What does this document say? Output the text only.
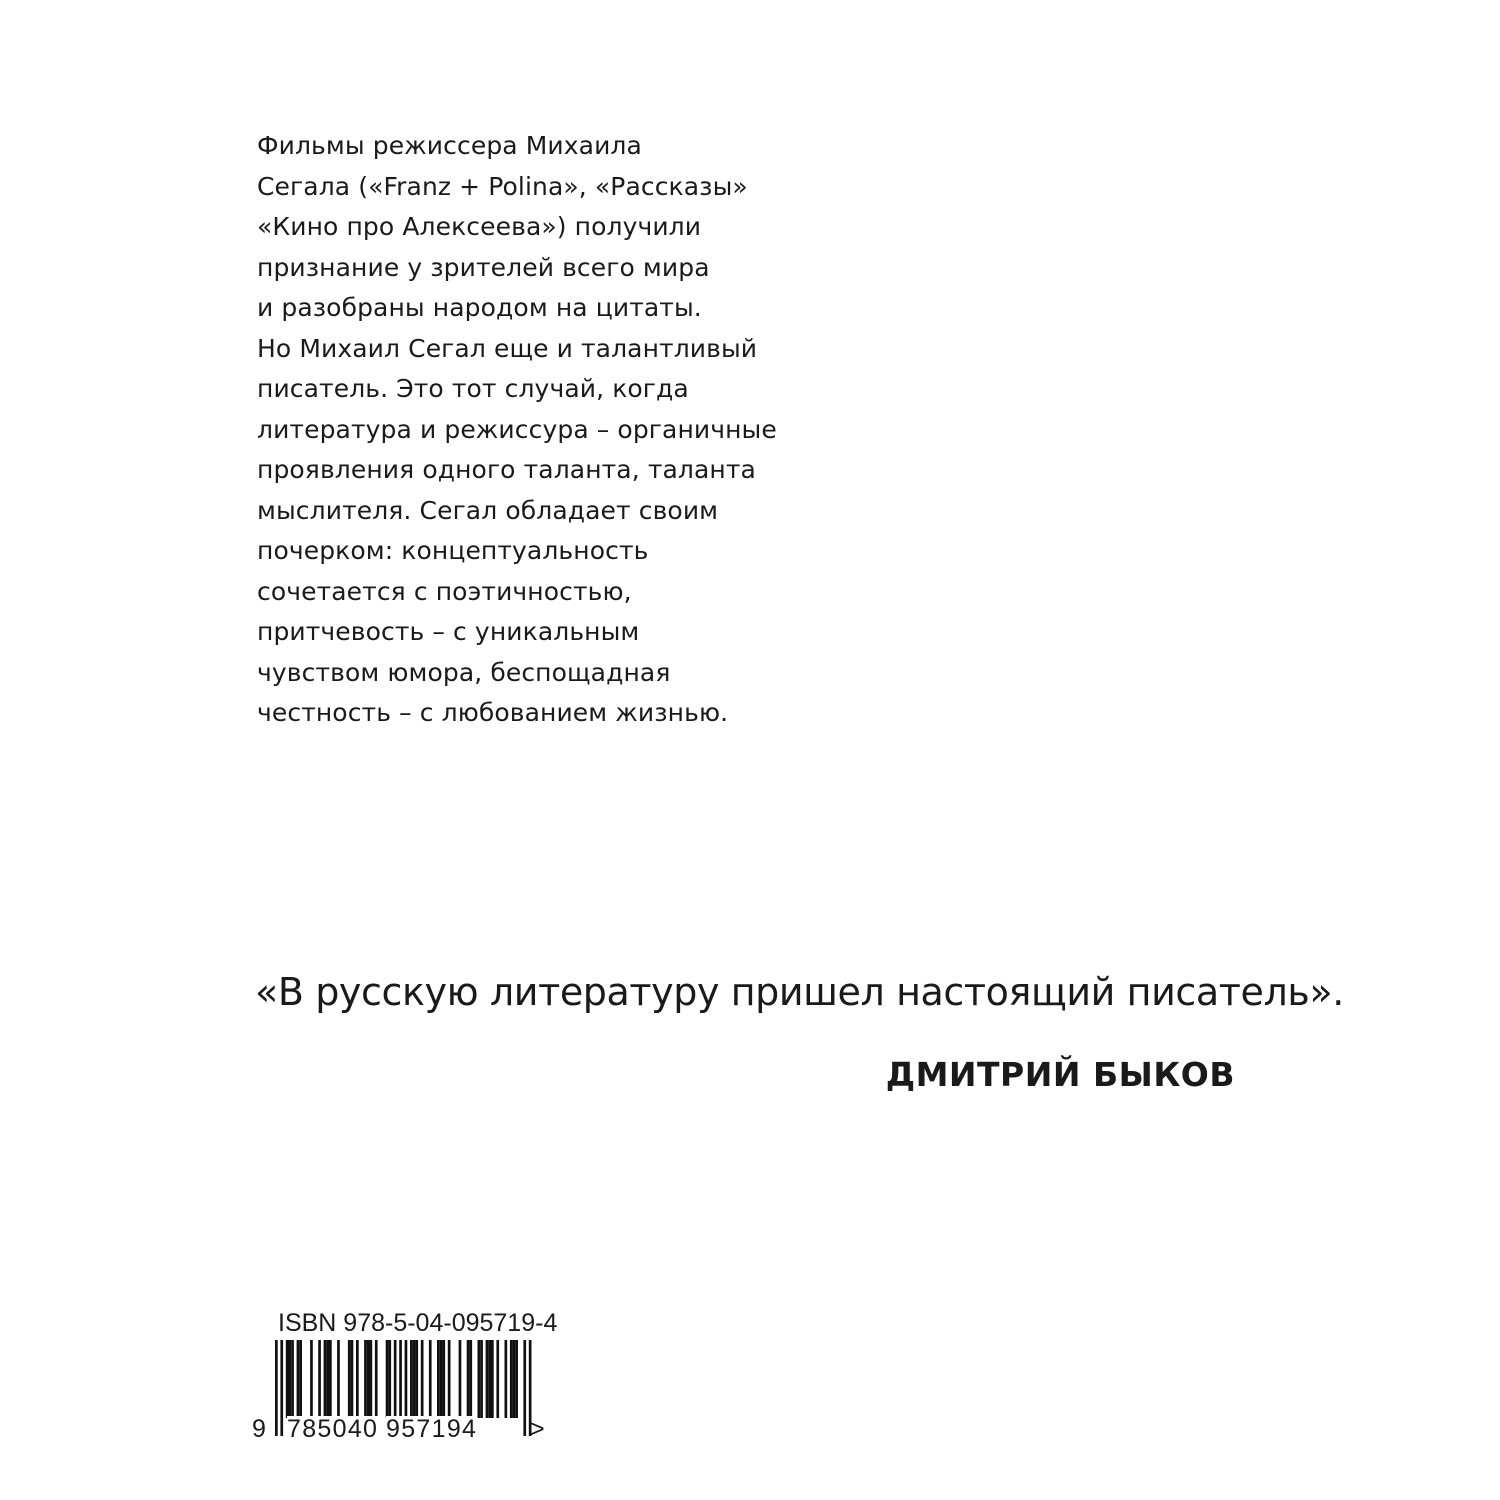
Фильмы режиссера Михаила
Сегала («Franz + Polina», «Рассказы»
«Кино про Алексеева») получили
признание у зрителей всего мира
и разобраны народом на цитаты.
Но Михаил Сегал еще и талантливый
писатель. Это тот случай, когда
литература и режиссура – органичные
проявления одного таланта, таланта
мыслителя. Сегал обладает своим
почерком: концептуальность
сочетается с поэтичностью,
притчевость – с уникальным
чувством юмора, беспощадная
честность – с любованием жизнью.
«В русскую литературу пришел настоящий писатель».
ДМИТРИЙ БЫКОВ
ISBN 978-5-04-095719-4
9 785040 957194 >
